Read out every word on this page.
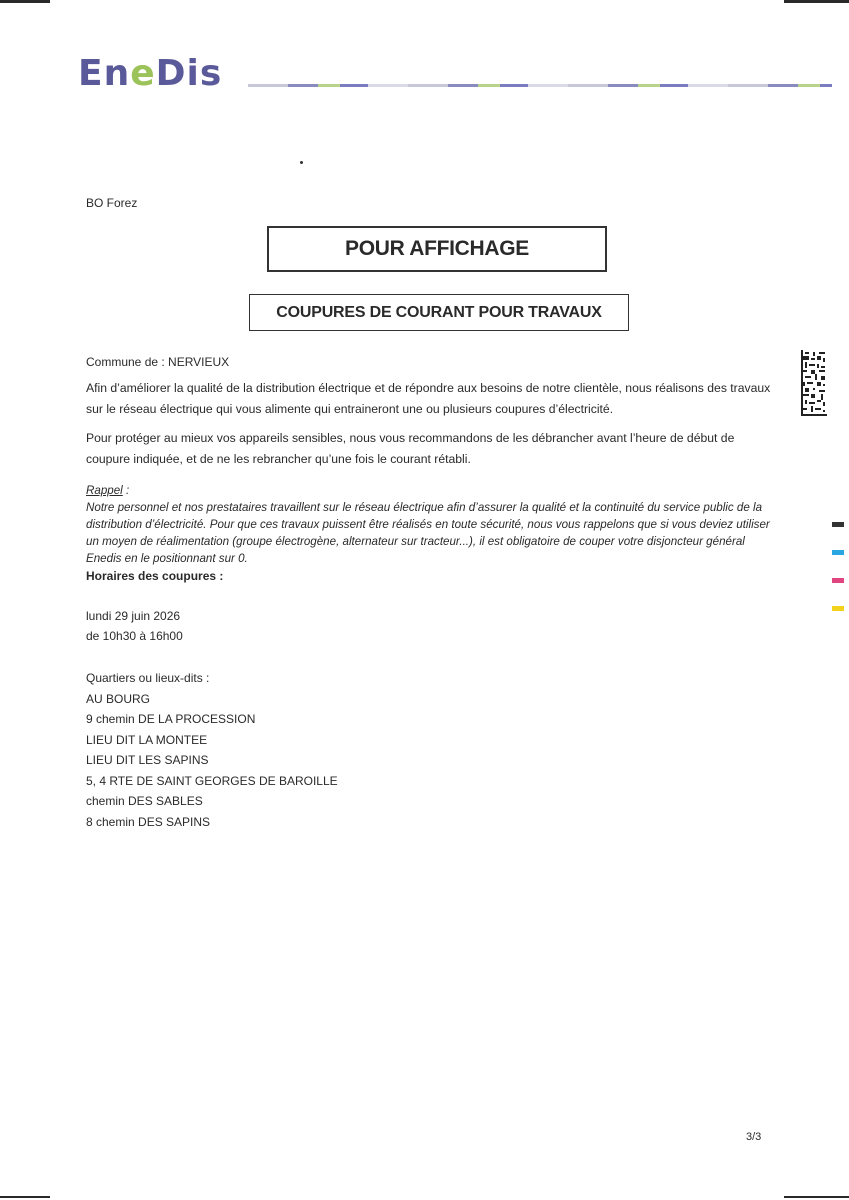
EneDis
BO Forez
POUR AFFICHAGE
COUPURES DE COURANT POUR TRAVAUX
Commune de : NERVIEUX
Afin d’améliorer la qualité de la distribution électrique et de répondre aux besoins de notre clientèle, nous réalisons des travaux sur le réseau électrique qui vous alimente qui entraineront une ou plusieurs coupures d’électricité.
Pour protéger au mieux vos appareils sensibles, nous vous recommandons de les débrancher avant l’heure de début de coupure indiquée, et de ne les rebrancher qu’une fois le courant rétabli.
Rappel :
Notre personnel et nos prestataires travaillent sur le réseau électrique afin d’assurer la qualité et la continuité du service public de la distribution d’électricité. Pour que ces travaux puissent être réalisés en toute sécurité, nous vous rappelons que si vous deviez utiliser un moyen de réalimentation (groupe électrogène, alternateur sur tracteur...), il est obligatoire de couper votre disjoncteur général Enedis en le positionnant sur 0.
Horaires des coupures :
lundi 29 juin 2026
de 10h30 à 16h00
Quartiers ou lieux-dits :
AU BOURG
9 chemin DE LA PROCESSION
LIEU DIT LA MONTEE
LIEU DIT LES SAPINS
5, 4 RTE DE SAINT GEORGES DE BAROILLE
chemin DES SABLES
8 chemin DES SAPINS
3/3
